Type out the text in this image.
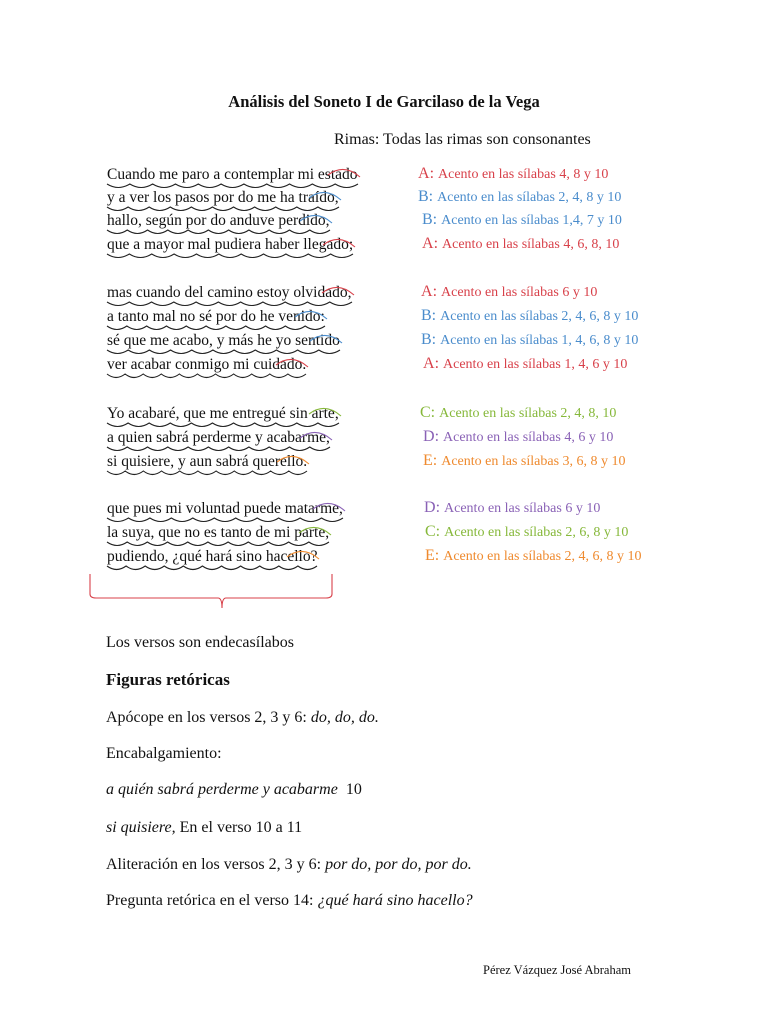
Análisis del Soneto I de Garcilaso de la Vega
Rimas: Todas las rimas son consonantes
Cuando me paro a contemplar mi estado
y a ver los pasos por do me ha traído,
hallo, según por do anduve perdido,
que a mayor mal pudiera haber llegado;
mas cuando del camino estoy olvidado,
a tanto mal no sé por do he venido:
sé que me acabo, y más he yo sentido
ver acabar conmigo mi cuidado.
Yo acabaré, que me entregué sin arte,
a quien sabrá perderme y acabarme,
si quisiere, y aun sabrá querello.
que pues mi voluntad puede matarme,
la suya, que no es tanto de mi parte,
pudiendo, ¿qué hará sino hacello?
A: Acento en las sílabas 4, 8 y 10
B: Acento en las sílabas 2, 4, 8 y 10
B: Acento en las sílabas 1,4, 7 y 10
A: Acento en las sílabas 4, 6, 8, 10
A: Acento en las sílabas 6 y 10
B: Acento en las sílabas 2, 4, 6, 8 y 10
B: Acento en las sílabas 1, 4, 6, 8 y 10
A: Acento en las sílabas 1, 4, 6 y 10
C: Acento en las sílabas 2, 4, 8, 10
D: Acento en las sílabas 4, 6 y 10
E: Acento en las sílabas 3, 6, 8 y 10
D: Acento en las sílabas 6 y 10
C: Acento en las sílabas 2, 6, 8 y 10
E: Acento en las sílabas 2, 4, 6, 8 y 10
Los versos son endecasílabos
Figuras retóricas
Apócope en los versos 2, 3 y 6: do, do, do.
Encabalgamiento:
a quién sabrá perderme y acabarme 10
si quisiere, En el verso 10 a 11
Aliteración en los versos 2, 3 y 6: por do, por do, por do.
Pregunta retórica en el verso 14: ¿qué hará sino hacello?
Pérez Vázquez José Abraham
